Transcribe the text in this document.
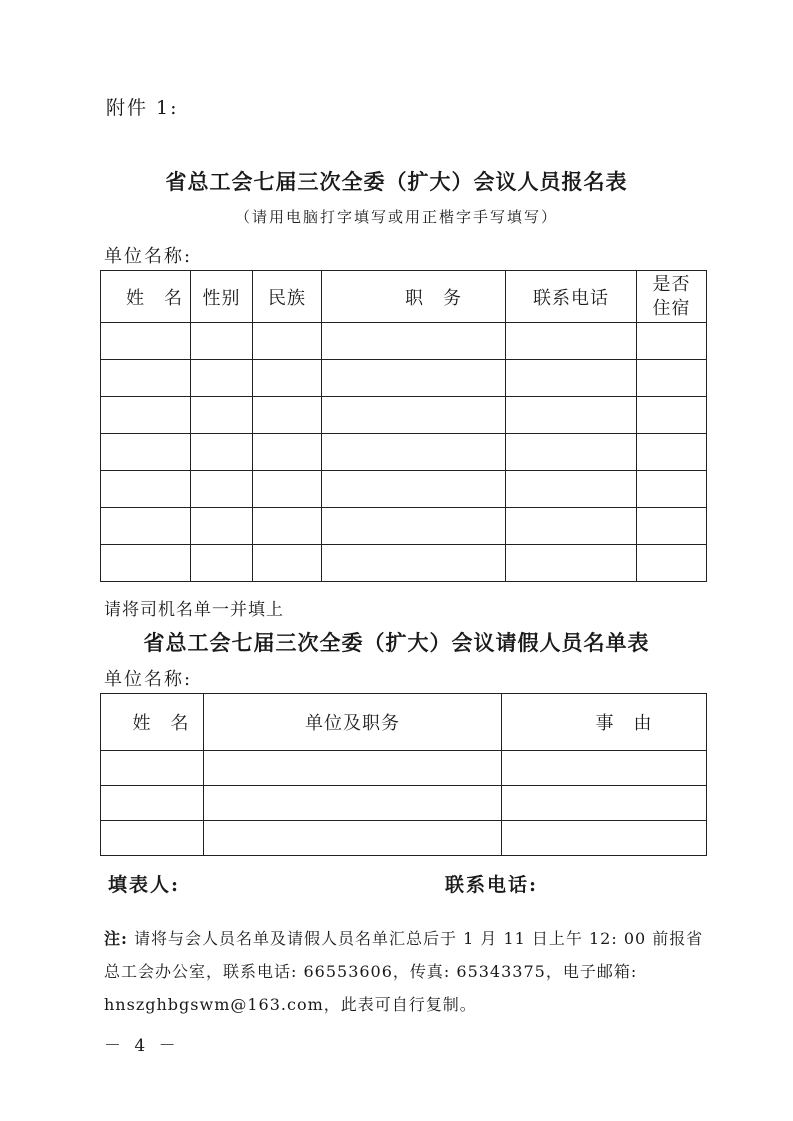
附件 1:
省总工会七届三次全委（扩大）会议人员报名表
（请用电脑打字填写或用正楷字手写填写）
单位名称:
姓　名	性别	民族	职　务	联系电话	是否
住宿

请将司机名单一并填上
省总工会七届三次全委（扩大）会议请假人员名单表
单位名称:
姓　名	单位及职务	事　由

填表人:	联系电话:
注: 请将与会人员名单及请假人员名单汇总后于 1 月 11 日上午 12: 00 前报省总工会办公室，联系电话: 66553606，传真: 65343375，电子邮箱: hnszghbgswm@163.com，此表可自行复制。
－ 4 －
